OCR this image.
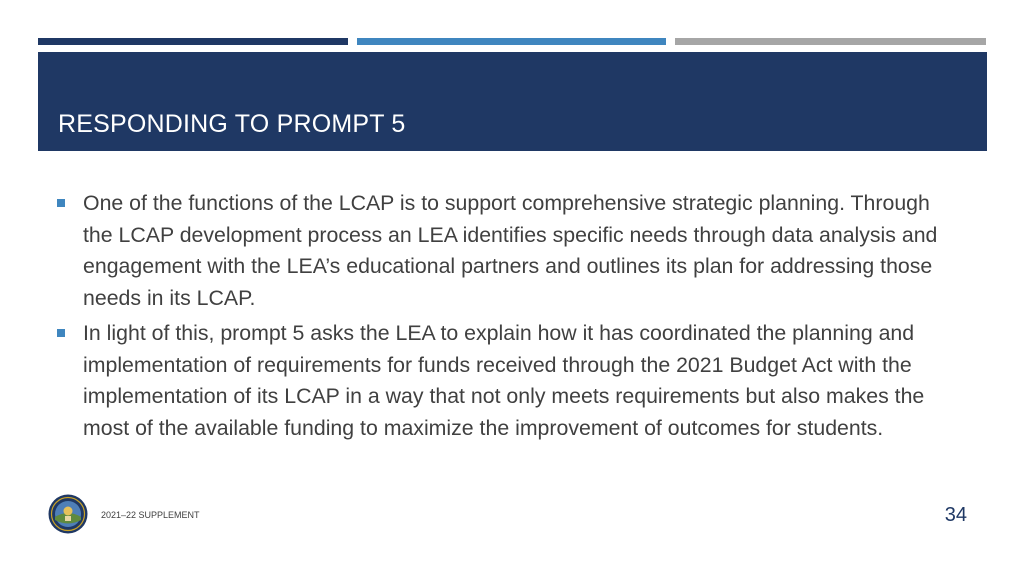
RESPONDING TO PROMPT 5
One of the functions of the LCAP is to support comprehensive strategic planning. Through the LCAP development process an LEA identifies specific needs through data analysis and engagement with the LEA’s educational partners and outlines its plan for addressing those needs in its LCAP.
In light of this, prompt 5 asks the LEA to explain how it has coordinated the planning and implementation of requirements for funds received through the 2021 Budget Act with the implementation of its LCAP in a way that not only meets requirements but also makes the most of the available funding to maximize the improvement of outcomes for students.
2021–22 SUPPLEMENT	34
